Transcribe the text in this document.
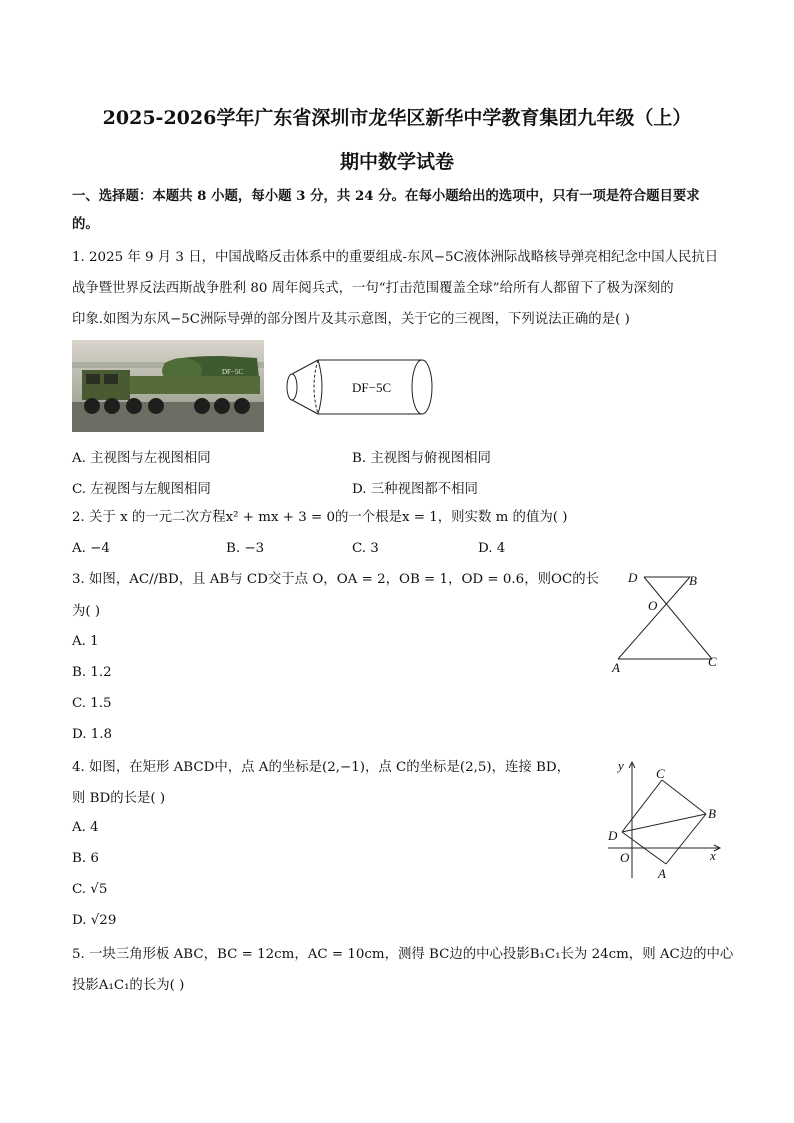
2025-2026学年广东省深圳市龙华区新华中学教育集团九年级（上）
期中数学试卷
一、选择题：本题共 8 小题，每小题 3 分，共 24 分。在每小题给出的选项中，只有一项是符合题目要求
的。
1. 2025 年 9 月 3 日，中国战略反击体系中的重要组成-东风−5C液体洲际战略核导弹亮相纪念中国人民抗日
战争暨世界反法西斯战争胜利 80 周年阅兵式，一句“打击范围覆盖全球”给所有人都留下了极为深刻的
印象.如图为东风−5C洲际导弹的部分图片及其示意图，关于它的三视图，下列说法正确的是( )
DF−5C
DF−5C
A. 主视图与左视图相同	B. 主视图与俯视图相同
C. 左视图与左舰图相同	D. 三种视图都不相同
2. 关于 x 的一元二次方程x² + mx + 3 = 0的一个根是x = 1，则实数 m 的值为( )
A. −4	B. −3	C. 3	D. 4
3. 如图，AC//BD，且 AB与 CD交于点 O，OA = 2，OB = 1，OD = 0.6，则OC的长
为( )
A. 1
B. 1.2
C. 1.5
D. 1.8
D	B
O
A	C
4. 如图，在矩形 ABCD中，点 A的坐标是(2,−1)，点 C的坐标是(2,5)，连接 BD，
则 BD的长是( )
A. 4
B. 6
C. √5
D. √29
y
x
O
A
B
C
D
5. 一块三角形板 ABC，BC = 12cm，AC = 10cm，测得 BC边的中心投影B₁C₁长为 24cm，则 AC边的中心
投影A₁C₁的长为( )
